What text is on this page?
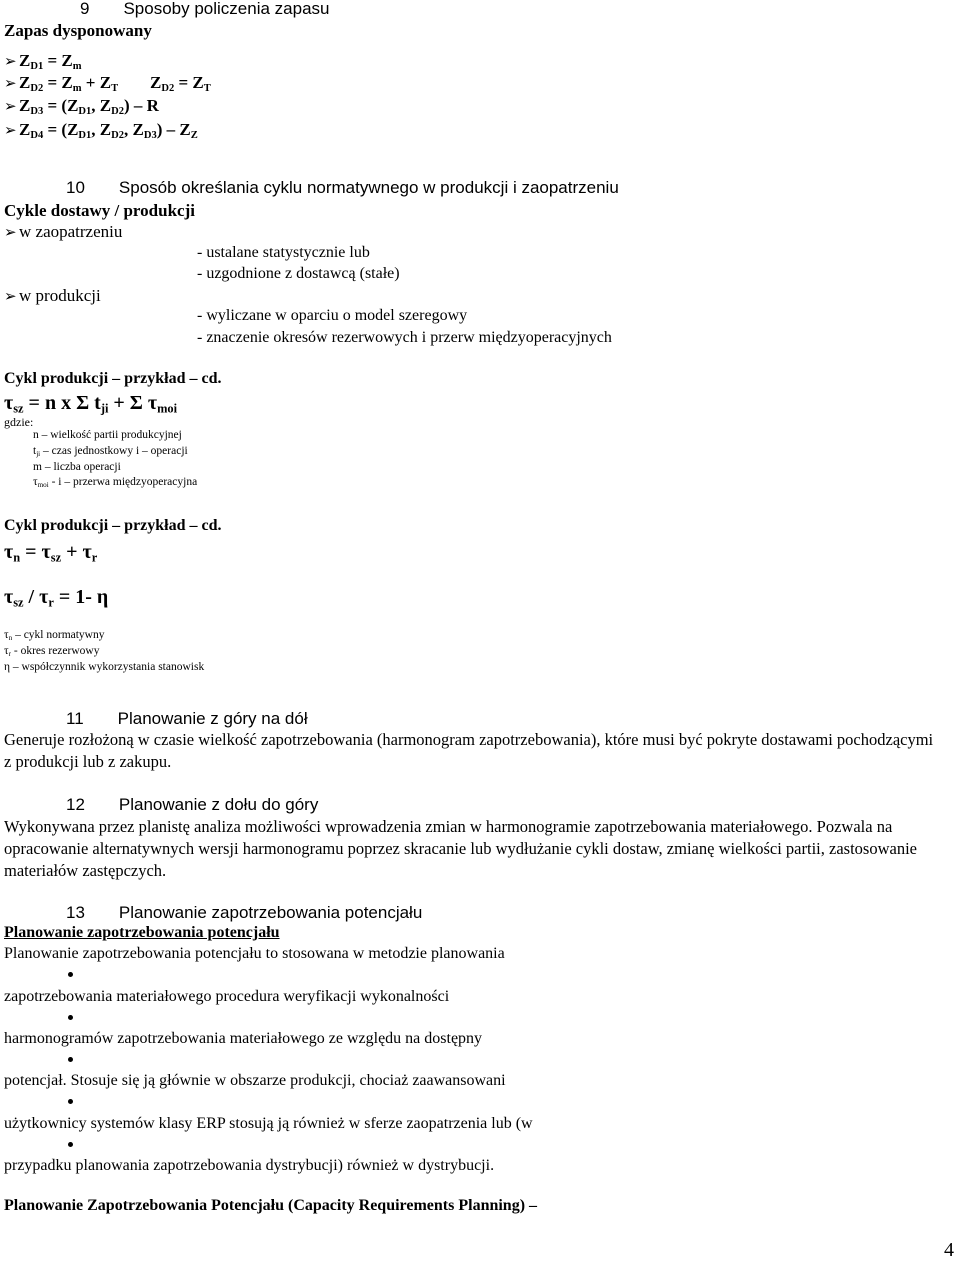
9  Sposoby policzenia zapasu
Zapas dysponowany
➢ $Z_{D1} = Z_m$
➢ $Z_{D2} = Z_m + Z_T$ $Z_{D2} = Z_T$
➢ $Z_{D3} = (Z_{D1}$, $Z_{D2}$) – R
➢ $Z_{D4} = (Z_{D1}$, $Z_{D2}$, $Z_{D3}) - Z_Z$
10  Sposób określania cyklu normatywnego w produkcji i zaopatrzeniu
Cykle dostawy / produkcji
➢ w zaopatrzeniu
- ustalane statystycznie lub
- uzgodnione z dostawcą (stałe)
➢ w produkcji
- wyliczane w oparciu o model szeregowy
- znaczenie okresów rezerwowych i przerw międzyoperacyjnych
Cykl produkcji – przykład – cd.
$\tau_{sz} = n$ x Σ $t_{ji} + \Sigma$ $\tau_{moi}$
gdzie:
n – wielkość partii produkcyjnej
$t_{ji}$ – czas jednostkowy i – operacji
m – liczba operacji
$\tau_{moi}$ - i – przerwa międzyoperacyjna
Cykl produkcji – przykład – cd.
$\tau_n = \tau_{sz} + \tau_r$
$\tau_{sz} / \tau_r = 1-$ η
$\tau_n$ – cykl normatywny
$\tau_r$ - okres rezerwowy
η – współczynnik wykorzystania stanowisk
11  Planowanie z góry na dół
Generuje rozłożoną w czasie wielkość zapotrzebowania (harmonogram zapotrzebowania), które musi być pokryte dostawami pochodzącymi z produkcji lub z zakupu.
12  Planowanie z dołu do góry
Wykonywana przez planistę analiza możliwości wprowadzenia zmian w harmonogramie zapotrzebowania materiałowego. Pozwala na opracowanie alternatywnych wersji harmonogramu poprzez skracanie lub wydłużanie cykli dostaw, zmianę wielkości partii, zastosowanie materiałów zastępczych.
13  Planowanie zapotrzebowania potencjału
Planowanie zapotrzebowania potencjału
Planowanie zapotrzebowania potencjału to stosowana w metodzie planowania
zapotrzebowania materiałowego procedura weryfikacji wykonalności
harmonogramów zapotrzebowania materiałowego ze względu na dostępny
potencjał. Stosuje się ją głównie w obszarze produkcji, chociaż zaawansowani
użytkownicy systemów klasy ERP stosują ją również w sferze zaopatrzenia lub (w
przypadku planowania zapotrzebowania dystrybucji) również w dystrybucji.
Planowanie Zapotrzebowania Potencjału (Capacity Requirements Planning) –
4
